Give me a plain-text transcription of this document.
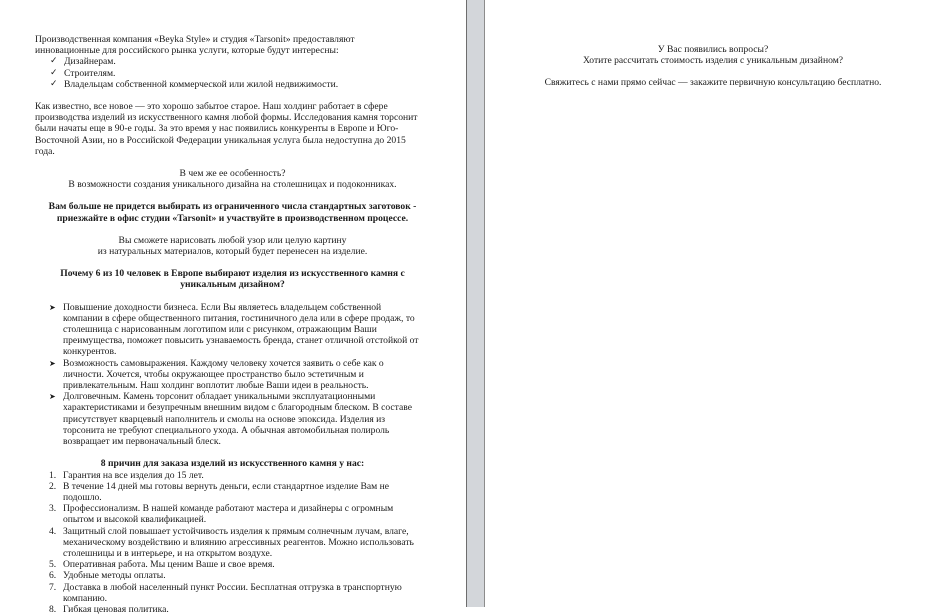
Производственная компания «Beyka Style» и студия «Tarsonit» предоставляют

инновационные для российского рынка услуги, которые будут интересны:

✓ Дизайнерам.
✓ Строителям.
✓ Владельцам собственной коммерческой или жилой недвижимости.

Как известно, все новое — это хорошо забытое старое. Наш холдинг работает в сфере

производства изделий из искусственного камня любой формы. Исследования камня торсонит

были начаты еще в 90-е годы. За это время у нас появились конкуренты в Европе и Юго-

Восточной Азии, но в Российской Федерации уникальная услуга была недоступна до 2015

года.

В чем же ее особенность?

В возможности создания уникального дизайна на столешницах и подоконниках.

Вам больше не придется выбирать из ограниченного числа стандартных заготовок -

приезжайте в офис студии «Tarsonit» и участвуйте в производственном процессе.

Вы сможете нарисовать любой узор или целую картину

из натуральных материалов, который будет перенесен на изделие.

Почему 6 из 10 человек в Европе выбирают изделия из искусственного камня с

уникальным дизайном?

➤ Повышение доходности бизнеса. Если Вы являетесь владельцем собственной

компании в сфере общественного питания, гостиничного дела или в сфере продаж, то

столешница с нарисованным логотипом или с рисунком, отражающим Ваши

преимущества, поможет повысить узнаваемость бренда, станет отличной отстойкой от

конкурентов.

➤ Возможность самовыражения. Каждому человеку хочется заявить о себе как о

личности. Хочется, чтобы окружающее пространство было эстетичным и

привлекательным. Наш холдинг воплотит любые Ваши идеи в реальность.

➤ Долговечным. Камень торсонит обладает уникальными эксплуатационными

характеристиками и безупречным внешним видом с благородным блеском. В составе

присутствует кварцевый наполнитель и смолы на основе эпоксида. Изделия из

торсонита не требуют специального ухода. А обычная автомобильная полироль

возвращает им первоначальный блеск.

8 причин для заказа изделий из искусственного камня у нас:

1. Гарантия на все изделия до 15 лет.

2. В течение 14 дней мы готовы вернуть деньги, если стандартное изделие Вам не

подошло.

3. Профессионализм. В нашей команде работают мастера и дизайнеры с огромным

опытом и высокой квалификацией.

4. Защитный слой повышает устойчивость изделия к прямым солнечным лучам, влаге,

механическому воздействию и влиянию агрессивных реагентов. Можно использовать

столешницы и в интерьере, и на открытом воздухе.

5. Оперативная работа. Мы ценим Ваше и свое время.

6. Удобные методы оплаты.

7. Доставка в любой населенный пункт России. Бесплатная отгрузка в транспортную

компанию.

8. Гибкая ценовая политика.

У Вас появились вопросы?

Хотите рассчитать стоимость изделия с уникальным дизайном?

Свяжитесь с нами прямо сейчас — закажите первичную консультацию бесплатно.
